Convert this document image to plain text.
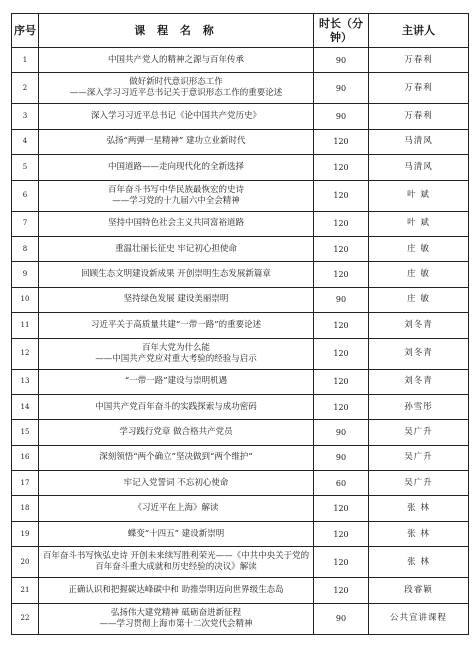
序号	课 程 名 称	时长（分钟）	主讲人
1	中国共产党人的精神之源与百年传承	90	万春利
2	做好新时代意识形态工作
——深入学习习近平总书记关于意识形态工作的重要论述	90	万春利
3	深入学习习近平总书记《论中国共产党历史》	90	万春利
4	弘扬“两弹一星精神” 建功立业新时代	120	马清风
5	中国道路——走向现代化的全新选择	120	马清风
6	百年奋斗书写中华民族最恢宏的史诗
——学习党的十九届六中全会精神	120	叶 斌
7	坚持中国特色社会主义共同富裕道路	120	叶 斌
8	重温壮丽长征史 牢记初心担使命	120	庄 敏
9	回顾生态文明建设新成果 开创崇明生态发展新篇章	120	庄 敏
10	坚持绿色发展 建设美丽崇明	90	庄 敏
11	习近平关于高质量共建“一带一路”的重要论述	120	刘冬青
12	百年大党为什么能
——中国共产党应对重大考验的经验与启示	120	刘冬青
13	“一带一路”建设与崇明机遇	120	刘冬青
14	中国共产党百年奋斗的实践探索与成功密码	120	孙雪彤
15	学习践行党章 做合格共产党员	90	吴广升
16	深刻领悟“两个确立”坚决做到“两个维护”	90	吴广升
17	牢记入党誓词 不忘初心使命	60	吴广升
18	《习近平在上海》解读	120	张 林
19	蝶变“十四五” 建设新崇明	120	张 林
20	百年奋斗书写恢弘史诗 开创未来续写胜利荣光——《中共中央关于党的百年奋斗重大成就和历史经验的决议》解读	120	张 林
21	正确认识和把握碳达峰碳中和 助推崇明迈向世界级生态岛	120	段睿颖
22	弘扬伟大建党精神 砥砺奋进新征程
——学习贯彻上海市第十二次党代会精神	90	公共宣讲课程
